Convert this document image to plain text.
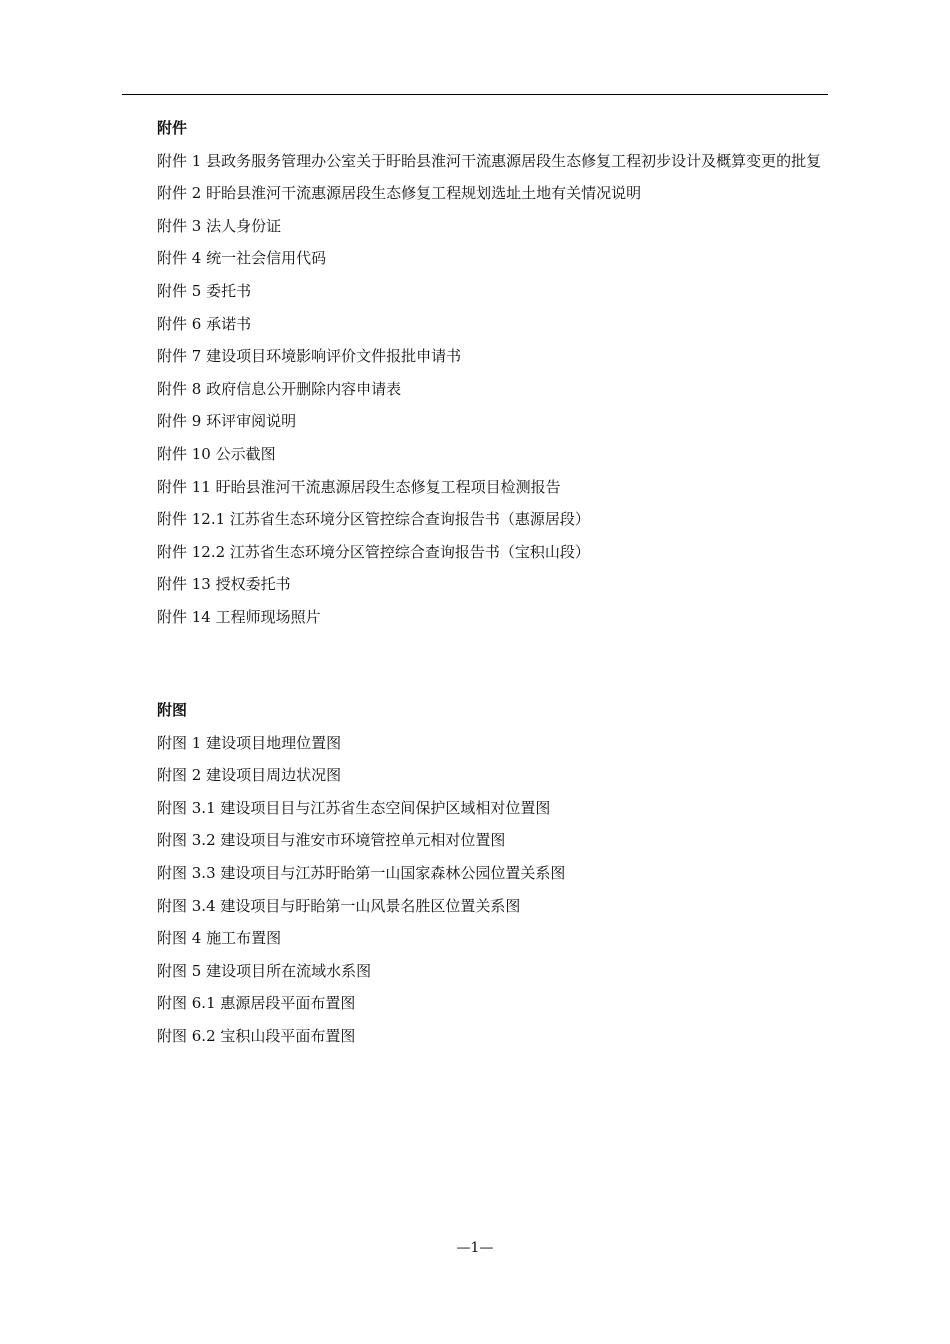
附件
附件 1 县政务服务管理办公室关于盱眙县淮河干流惠源居段生态修复工程初步设计及概算变更的批复
附件 2 盱眙县淮河干流惠源居段生态修复工程规划选址土地有关情况说明
附件 3 法人身份证
附件 4 统一社会信用代码
附件 5 委托书
附件 6 承诺书
附件 7 建设项目环境影响评价文件报批申请书
附件 8 政府信息公开删除内容申请表
附件 9 环评审阅说明
附件 10 公示截图
附件 11 盱眙县淮河干流惠源居段生态修复工程项目检测报告
附件 12.1 江苏省生态环境分区管控综合查询报告书（惠源居段）
附件 12.2 江苏省生态环境分区管控综合查询报告书（宝积山段）
附件 13 授权委托书
附件 14 工程师现场照片
附图
附图 1 建设项目地理位置图
附图 2 建设项目周边状况图
附图 3.1 建设项目目与江苏省生态空间保护区域相对位置图
附图 3.2 建设项目与淮安市环境管控单元相对位置图
附图 3.3 建设项目与江苏盱眙第一山国家森林公园位置关系图
附图 3.4 建设项目与盱眙第一山风景名胜区位置关系图
附图 4 施工布置图
附图 5 建设项目所在流域水系图
附图 6.1 惠源居段平面布置图
附图 6.2 宝积山段平面布置图
—1—
